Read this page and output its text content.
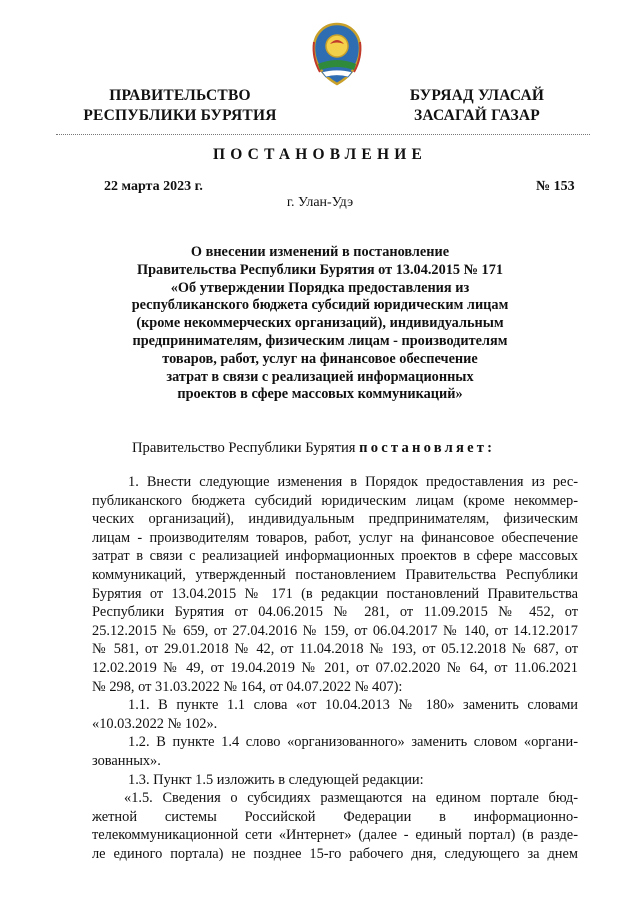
ПРАВИТЕЛЬСТВО
РЕСПУБЛИКИ БУРЯТИЯ
БУРЯАД УЛАСАЙ
ЗАСАГАЙ ГАЗАР
ПОСТАНОВЛЕНИЕ
22 марта 2023 г.	№ 153
г. Улан-Удэ
О внесении изменений в постановление
Правительства Республики Бурятия от 13.04.2015 № 171
«Об утверждении Порядка предоставления из
республиканского бюджета субсидий юридическим лицам
(кроме некоммерческих организаций), индивидуальным
предпринимателям, физическим лицам - производителям
товаров, работ, услуг на финансовое обеспечение
затрат в связи с реализацией информационных
проектов в сфере массовых коммуникаций»
Правительство Республики Бурятия постановляет:
1. Внести следующие изменения в Порядок предоставления из рес-
публиканского бюджета субсидий юридическим лицам (кроме некоммер-
ческих организаций), индивидуальным предпринимателям, физическим
лицам - производителям товаров, работ, услуг на финансовое обеспечение
затрат в связи с реализацией информационных проектов в сфере массовых
коммуникаций, утвержденный постановлением Правительства Республики
Бурятия от 13.04.2015 № 171 (в редакции постановлений Правительства
Республики Бурятия от 04.06.2015 № 281, от 11.09.2015 № 452, от
25.12.2015 № 659, от 27.04.2016 № 159, от 06.04.2017 № 140, от 14.12.2017
№ 581, от 29.01.2018 № 42, от 11.04.2018 № 193, от 05.12.2018 № 687, от
12.02.2019 № 49, от 19.04.2019 № 201, от 07.02.2020 № 64, от 11.06.2021
№ 298, от 31.03.2022 № 164, от 04.07.2022 № 407):
1.1. В пункте 1.1 слова «от 10.04.2013 № 180» заменить словами
«10.03.2022 № 102».
1.2. В пункте 1.4 слово «организованного» заменить словом «органи-
зованных».
1.3. Пункт 1.5 изложить в следующей редакции:
«1.5. Сведения о субсидиях размещаются на едином портале бюд-
жетной системы Российской Федерации в информационно-
телекоммуникационной сети «Интернет» (далее - единый портал) (в разде-
ле единого портала) не позднее 15-го рабочего дня, следующего за днем
